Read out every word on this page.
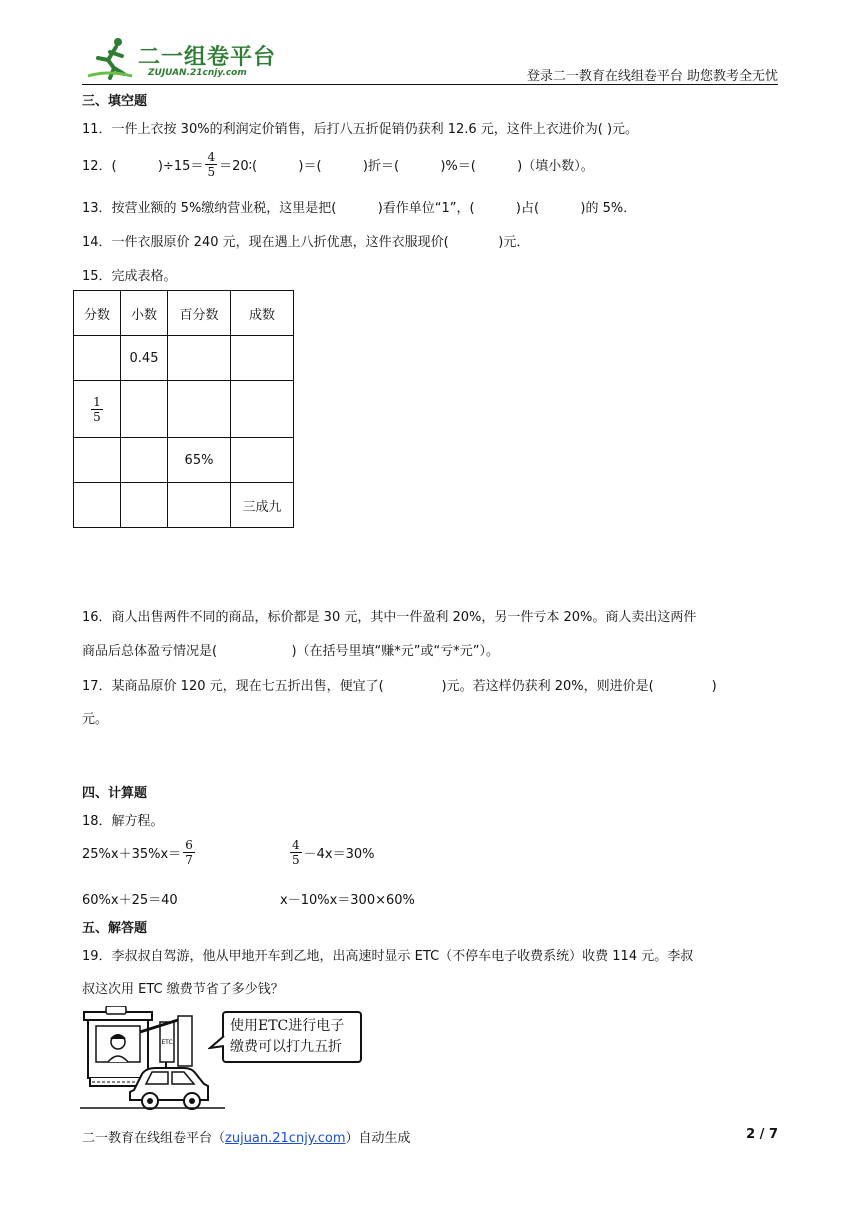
二一组卷平台
ZUJUAN.21cnjy.com	登录二一教育在线组卷平台 助您教考全无忧
三、填空题
11．一件上衣按 30%的利润定价销售，后打八五折促销仍获利 12.6 元，这件上衣进价为( )元。
12．(          )$\div 15= \frac{4}{5}$ ＝20∶(          )＝(          )折＝(          )%＝(          )（填小数）。
13．按营业额的 5%缴纳营业税，这里是把(          )看作单位“1”，(          )占(          )的 5%．
14．一件衣服原价 240 元，现在遇上八折优惠，这件衣服现价(            )元．
15．完成表格。
分数	小数	百分数	成数
	0.45		

$\frac{1}{5}$

		65%	
			三成九
16．商人出售两件不同的商品，标价都是 30 元，其中一件盈利 20%，另一件亏本 20%。商人卖出这两件
商品后总体盈亏情况是(                  )（在括号里填“赚*元”或“亏*元”）。
17．某商品原价 120 元，现在七五折出售，便宜了(              )元。若这样仍获利 20%，则进价是(              )
元。
四、计算题
18．解方程。
$25\%x+35\%x= \frac{6}{7}$	$\frac{4}{5} -4x=30\%$
60%x＋25＝40	x－10%x＝300×60%
五、解答题
19．李叔叔自驾游，他从甲地开车到乙地，出高速时显示 ETC（不停车电子收费系统）收费 114 元。李叔
叔这次用 ETC 缴费节省了多少钱？
ETC
使用ETC进行电子
缴费可以打九五折
二一教育在线组卷平台（zujuan.21cnjy.com）自动生成	2 / 7
